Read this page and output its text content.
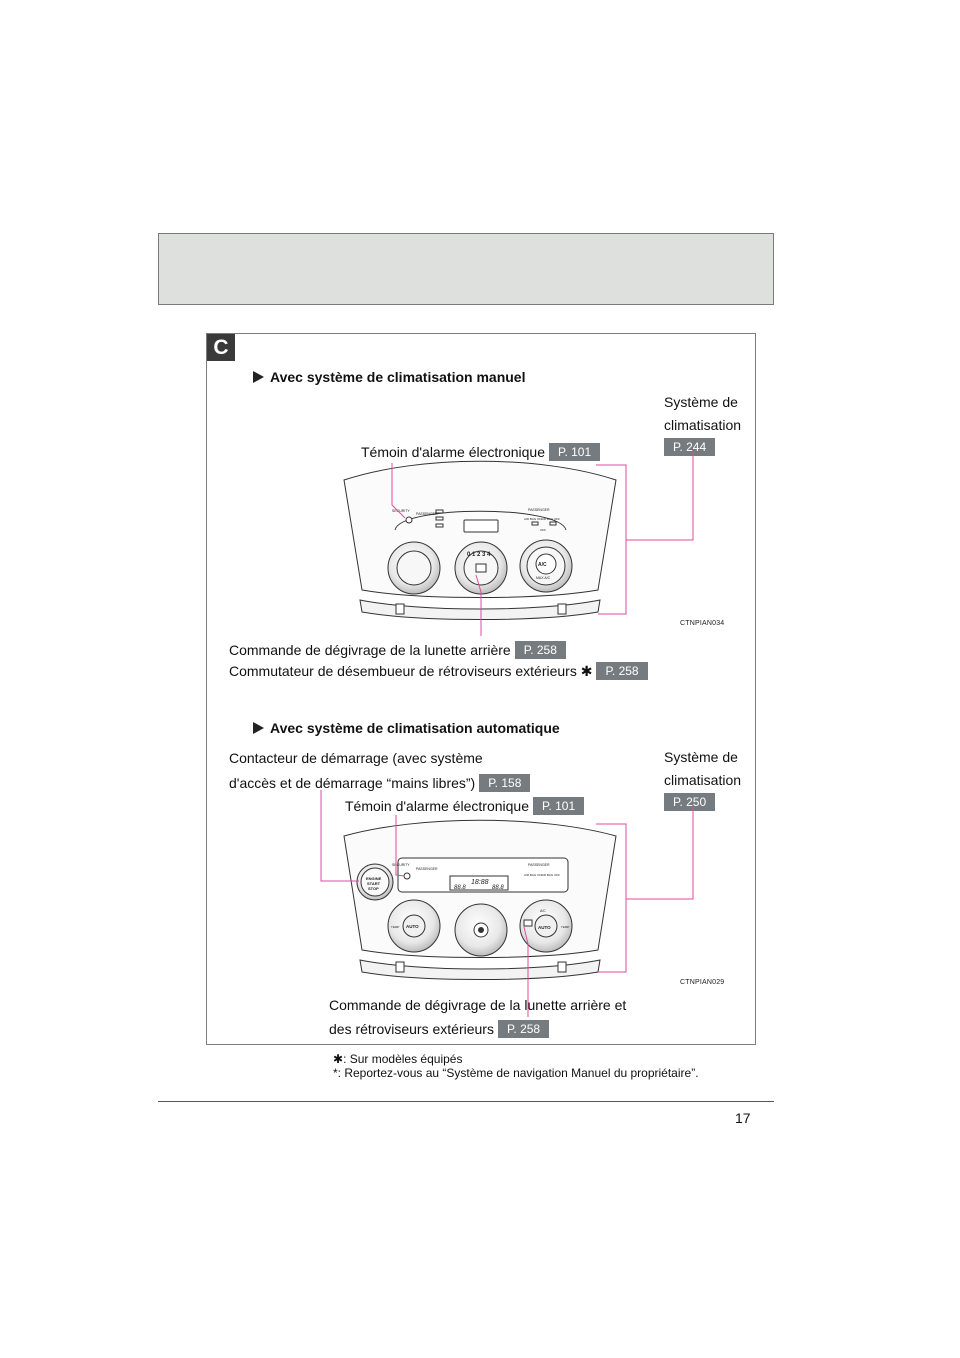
C
Avec système de climatisation manuel
Système de
climatisation
P. 244
Témoin d'alarme électronique P. 101
CTNPIAN034
Commande de dégivrage de la lunette arrière P. 258
Commutateur de désembueur de rétroviseurs extérieurs ✱ P. 258
Avec système de climatisation automatique
Contacteur de démarrage (avec système
d'accès et de démarrage “mains libres”) P. 158
Système de
climatisation
P. 250
Témoin d'alarme électronique P. 101
CTNPIAN029
Commande de dégivrage de la lunette arrière et
des rétroviseurs extérieurs P. 258
SECURITY
PASSENGER
PASSENGER
AIR BAG ON AIR BAG OFF
OFF
A/C
MAX A/C
0 1 2 3 4
ENGINE
START
STOP
SECURITY
PASSENGER
PASSENGER
AIR BAG ON AIR BAG OFF
18:88
88.8	88.8
AUTO	AUTO
A/C
TEMP	TEMP
✱: Sur modèles équipés
*: Reportez-vous au “Système de navigation Manuel du propriétaire”.
17
